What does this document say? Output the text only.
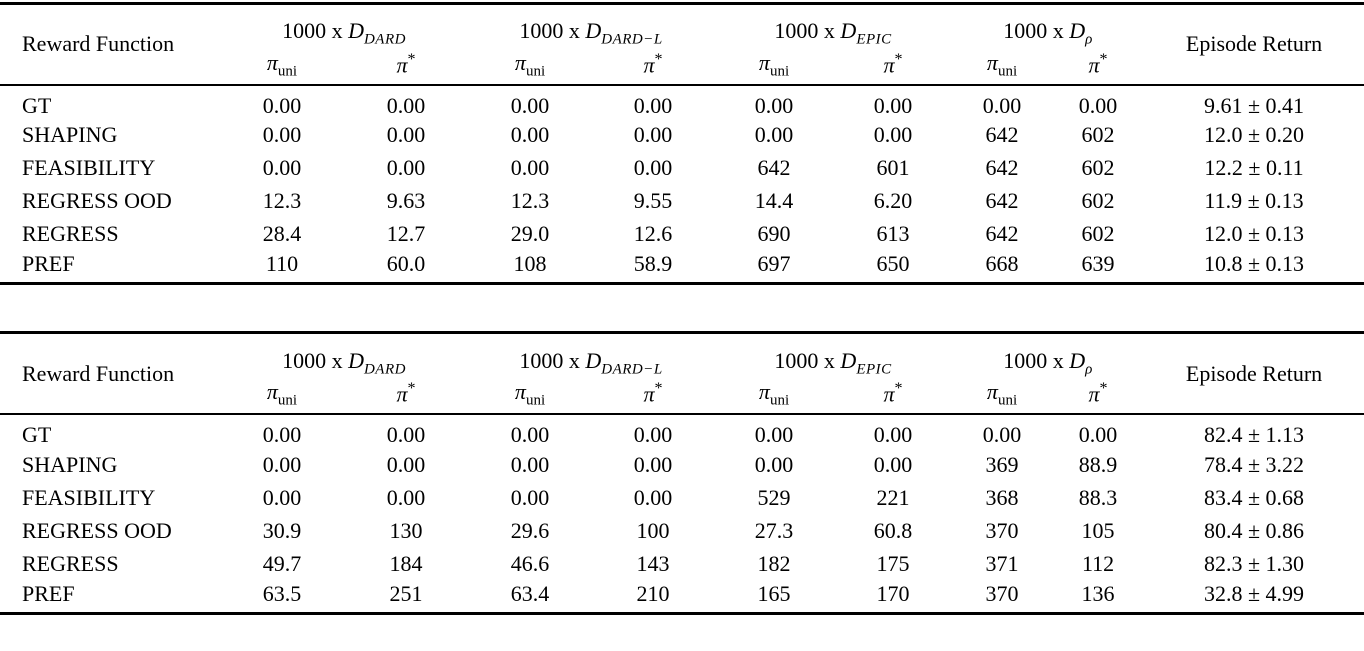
Reward Function	1000 x $D_{DARD}$		1000 x $D_{DARD-L}$		1000 x $D_{EPIC}$		1000 x $D_\rho$		Episode Return
	$\pi_{uni}$	π*	$\pi_{uni}$	π*	$\pi_{uni}$	π*	$\pi_{uni}$	π*
GT	0.00	0.00	0.00	0.00	0.00	0.00	0.00	0.00	9.61 ± 0.41
SHAPING	0.00	0.00	0.00	0.00	0.00	0.00	642	602	12.0 ± 0.20
FEASIBILITY	0.00	0.00	0.00	0.00	642	601	642	602	12.2 ± 0.11
REGRESS OOD	12.3	9.63	12.3	9.55	14.4	6.20	642	602	11.9 ± 0.13
REGRESS	28.4	12.7	29.0	12.6	690	613	642	602	12.0 ± 0.13
PREF	110	60.0	108	58.9	697	650	668	639	10.8 ± 0.13
Reward Function	1000 x $D_{DARD}$		1000 x $D_{DARD-L}$		1000 x $D_{EPIC}$		1000 x $D_\rho$		Episode Return
	$\pi_{uni}$	π*	$\pi_{uni}$	π*	$\pi_{uni}$	π*	$\pi_{uni}$	π*
GT	0.00	0.00	0.00	0.00	0.00	0.00	0.00	0.00	82.4 ± 1.13
SHAPING	0.00	0.00	0.00	0.00	0.00	0.00	369	88.9	78.4 ± 3.22
FEASIBILITY	0.00	0.00	0.00	0.00	529	221	368	88.3	83.4 ± 0.68
REGRESS OOD	30.9	130	29.6	100	27.3	60.8	370	105	80.4 ± 0.86
REGRESS	49.7	184	46.6	143	182	175	371	112	82.3 ± 1.30
PREF	63.5	251	63.4	210	165	170	370	136	32.8 ± 4.99
